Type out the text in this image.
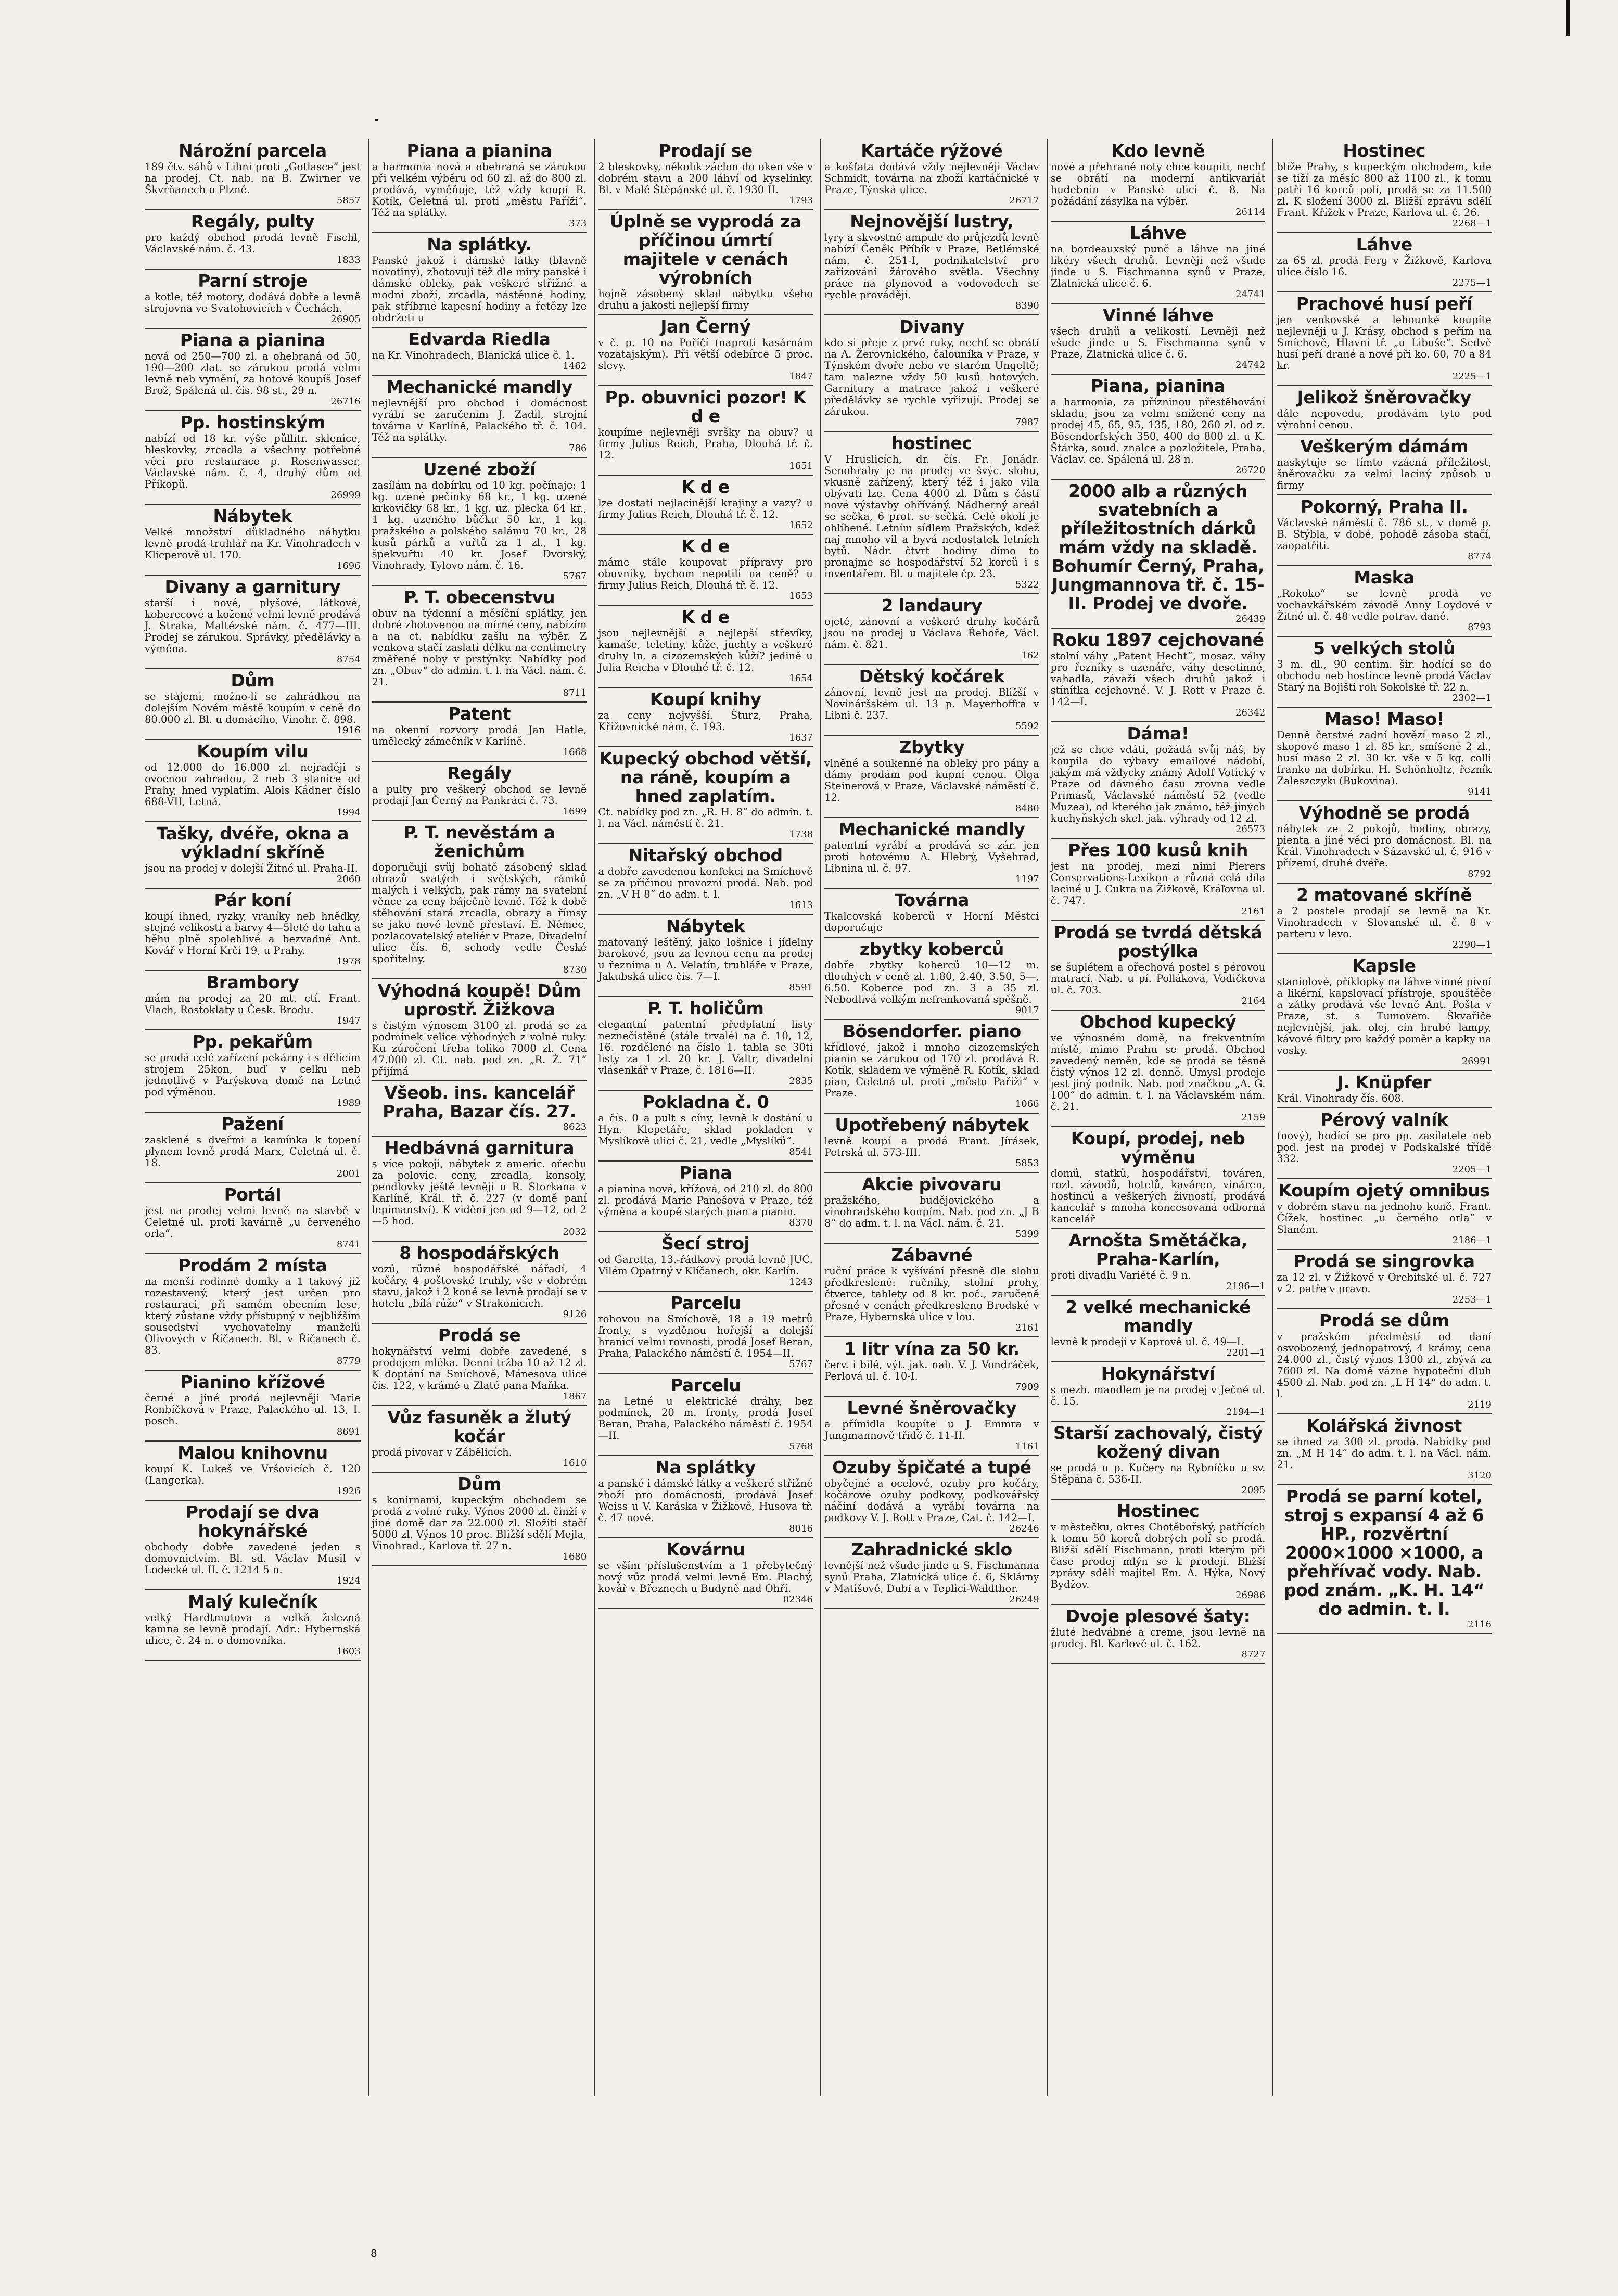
Nárožní parcela

189 čtv. sáhů v Libni proti „Gotlasce“ jest na prodej. Ct. nab. na B. Zwirner ve Škvrňanech u Plzně.

5857
Regály, pulty

pro každý obchod prodá levně Fischl, Václavské nám. č. 43.

1833
Parní stroje

a kotle, též motory, dodává dobře a levně strojovna ve Svatohovicích v Čechách.

26905
Piana a pianina

nová od 250—700 zl. a ohebraná od 50, 190—200 zlat. se zárukou prodá velmi levně neb vymění, za hotové koupíš Josef Brož, Spálená ul. čís. 98 st., 29 n.

26716
Pp. hostinským

nabízí od 18 kr. výše půllitr. sklenice, bleskovky, zrcadla a všechny potřebné věci pro restaurace p. Rosenwasser, Václavské nám. č. 4, druhý dům od Příkopů.

26999
Nábytek

Velké množství důkladného nábytku levně prodá truhlář na Kr. Vinohradech v Klicperově ul. 170.

1696
Divany a garnitury

starší i nové, plyšové, látkové, koberecové a kožené velmi levně prodává J. Straka, Maltézské nám. č. 477—III. Prodej se zárukou. Správky, předělávky a výměna.

8754
Dům

se stájemi, možno-li se zahrádkou na dolejším Novém městě koupím v ceně do 80.000 zl. Bl. u domácího, Vinohr. č. 898.

1916
Koupím vilu

od 12.000 do 16.000 zl. nejraději s ovocnou zahradou, 2 neb 3 stanice od Prahy, hned vyplatím. Alois Kádner číslo 688-VII, Letná.

1994
Tašky, dvéře, okna a výkladní skříně

jsou na prodej v dolejší Žitné ul. Praha-II.

2060
Pár koní

koupí ihned, ryzky, vraníky neb hnědky, stejné velikosti a barvy 4—5leté do tahu a běhu plně spolehlivé a bezvadné Ant. Kovář v Horní Krči 19, u Prahy.

1978
Brambory

mám na prodej za 20 mt. ctí. Frant. Vlach, Rostoklaty u Česk. Brodu.

1947
Pp. pekařům

se prodá celé zařízení pekárny i s dělícím strojem 25kon, buď v celku neb jednotlivě v Parýskova domě na Letné pod výměnou.

1989
Pažení

zasklené s dveřmi a kamínka k topení plynem levně prodá Marx, Celetná ul. č. 18.

2001
Portál

jest na prodej velmi levně na stavbě v Celetné ul. proti kavárně „u červeného orla“.

8741
Prodám 2 místa

na menší rodinné domky a 1 takový již rozestavený, který jest určen pro restauraci, při samém obecním lese, který zůstane vždy přístupný v nejbližším sousedství vychovatelny manželů Olivových v Říčanech. Bl. v Říčanech č. 83.

8779
Pianino křížové

černé a jiné prodá nejlevněji Marie Ronbíčková v Praze, Palackého ul. 13, I. posch.

8691
Malou knihovnu

koupí K. Lukeš ve Vršovicích č. 120 (Langerka).

1926
Prodají se dva hokynářské

obchody dobře zavedené jeden s domovnictvím. Bl. sd. Václav Musil v Lodecké ul. II. č. 1214 5 n.

1924
Malý kulečník

velký Hardtmutova a velká železná kamna se levně prodají. Adr.: Hybernská ulice, č. 24 n. o domovníka.

1603
Piana a pianina

a harmonia nová a obehraná se zárukou při velkém výběru od 60 zl. až do 800 zl. prodává, vyměňuje, též vždy koupí R. Kotík, Celetná ul. proti „městu Paříži“. Též na splátky.

373
Na splátky.

Panské jakož i dámské látky (blavně novotiny), zhotovují též dle míry panské i dámské obleky, pak veškeré střižné a modní zboží, zrcadla, nástěnné hodiny, pak stříbrné kapesní hodiny a řetězy lze obdržeti u

Edvarda Riedla

na Kr. Vinohradech, Blanická ulice č. 1.

1462
Mechanické mandly

nejlevnější pro obchod i domácnost vyrábí se zaručením J. Zadil, strojní továrna v Karlíně, Palackého tř. č. 104. Též na splátky.

786
Uzené zboží

zasílám na dobírku od 10 kg. počínaje: 1 kg. uzené pečínky 68 kr., 1 kg. uzené krkovičky 68 kr., 1 kg. uz. plecka 64 kr., 1 kg. uzeného bůčku 50 kr., 1 kg. pražského a polského salámu 70 kr., 28 kusů párků a vuřtů za 1 zl., 1 kg. špekvuřtu 40 kr. Josef Dvorský, Vinohrady, Tylovo nám. č. 16.

5767
P. T. obecenstvu

obuv na týdenní a měsíční splátky, jen dobré zhotovenou na mírné ceny, nabízím a na ct. nabídku zašlu na výběr. Z venkova stačí zaslati délku na centimetry změřené noby v prstýnky. Nabídky pod zn. „Obuv“ do admin. t. l. na Václ. nám. č. 21.

8711
Patent

na okenní rozvory prodá Jan Hatle, umělecký zámečník v Karlíně.

1668
Regály

a pulty pro veškerý obchod se levně prodají Jan Černý na Pankráci č. 73.

1699
P. T. nevěstám a ženichům

doporučuji svůj bohatě zásobený sklad obrazů svatých i světských, rámků malých i velkých, pak rámy na svatební věnce za ceny báječně levné. Též k době stěhování stará zrcadla, obrazy a římsy se jako nové levně přestaví. E. Němec, pozlacovatelský ateliér v Praze, Divadelní ulice čís. 6, schody vedle České spořitelny.

8730
Výhodná koupě! Dům uprostř. Žižkova

s čistým výnosem 3100 zl. prodá se za podmínek velice výhodných z volné ruky. Ku zúročení třeba toliko 7000 zl. Cena 47.000 zl. Ct. nab. pod zn. „R. Ž. 71“ přijímá

Všeob. ins. kancelář Praha, Bazar čís. 27.
8623
Hedbávná garnitura

s více pokoji, nábytek z americ. ořechu za polovic. ceny, zrcadla, konsoly, pendlovky ještě levněji u R. Storkana v Karlíně, Král. tř. č. 227 (v domě paní lepimanství). K vidění jen od 9—12, od 2—5 hod.

2032
8 hospodářských

vozů, různé hospodářské nářadí, 4 kočáry, 4 poštovské truhly, vše v dobrém stavu, jakož i 2 koně se levně prodají se v hotelu „bílá růže“ v Strakonicích.

9126
Prodá se

hokynářství velmi dobře zavedené, s prodejem mléka. Denní tržba 10 až 12 zl. K doptání na Smíchově, Mánesova ulice čís. 122, v krámě u Zlaté pana Maňka.

1867
Vůz fasuněk a žlutý kočár

prodá pivovar v Zábělicích.

1610
Dům

s konirnami, kupeckým obchodem se prodá z volné ruky. Výnos 2000 zl. činží v jiné domě dar za 22.000 zl. Složiti stačí 5000 zl. Výnos 10 proc. Bližší sdělí Mejla, Vinohrad., Karlova tř. 27 n.

1680
Prodají se

2 bleskovky, několik záclon do oken vše v dobrém stavu a 200 láhví od kyselinky. Bl. v Malé Štěpánské ul. č. 1930 II.

1793
Úplně se vyprodá za příčinou úmrtí majitele v cenách výrobních

hojně zásobený sklad nábytku všeho druhu a jakosti nejlepší firmy

Jan Černý

v č. p. 10 na Poříčí (naproti kasárnám vozatajským). Při větší odebírce 5 proc. slevy.

1847
Pp. obuvnici pozor! K d e

koupíme nejlevněji svršky na obuv? u firmy Julius Reich, Praha, Dlouhá tř. č. 12.

1651
K d e

lze dostati nejlacinější krajiny a vazy? u firmy Julius Reich, Dlouhá tř. č. 12.

1652
K d e

máme stále koupovat přípravy pro obuvníky, bychom nepotili na ceně? u firmy Julius Reich, Dlouhá tř. č. 12.

1653
K d e

jsou nejlevnější a nejlepší střevíky, kamaše, teletiny, kůže, juchty a veškeré druhy ln. a cizozemských kůží? jedině u Julia Reicha v Dlouhé tř. č. 12.

1654
Koupí knihy

za ceny nejvyšší. Šturz, Praha, Křižovnické nám. č. 193.

1637
Kupecký obchod větší, na ráně, koupím a hned zaplatím.

Ct. nabídky pod zn. „R. H. 8“ do admin. t. l. na Václ. náměstí č. 21.

1738
Nitařský obchod

a dobře zavedenou konfekci na Smíchově se za příčinou provozní prodá. Nab. pod zn. „V H 8“ do adm. t. l.

1613
Nábytek

matovaný leštěný, jako lošnice i jídelny barokové, jsou za levnou cenu na prodej u řeznima u A. Velatín, truhláře v Praze, Jakubská ulice čís. 7—I.

8591
P. T. holičům

elegantní patentní předplatní listy neznečistěné (stále trvalé) na č. 10, 12, 16. rozdělené na číslo 1. tabla se 30ti listy za 1 zl. 20 kr. J. Valtr, divadelní vlásenkář v Praze, č. 1816—II.

2835
Pokladna č. 0

a čís. 0 a pult s cíny, levně k dostání u Hyn. Klepetáře, sklad pokladen v Myslíkově ulici č. 21, vedle „Myslíků“.

8541
Piana

a pianina nová, křížová, od 210 zl. do 800 zl. prodává Marie Panešová v Praze, též výměna a koupě starých pian a pianin.

8370
Šecí stroj

od Garetta, 13.-řádkový prodá levně JUC. Vilém Opatrný v Klíčanech, okr. Karlín.

1243
Parcelu

rohovou na Smíchově, 18 a 19 metrů fronty, s vyzděnou hořejší a dolejší hranicí velmi rovnosti, prodá Josef Beran, Praha, Palackého náměstí č. 1954—II.

5767
Parcelu

na Letné u elektrické dráhy, bez podmínek, 20 m. fronty, prodá Josef Beran, Praha, Palackého náměstí č. 1954—II.

5768
Na splátky

a panské i dámské látky a veškeré střižné zboží pro domácnosti, prodává Josef Weiss u V. Karáska v Žižkově, Husova tř. č. 47 nové.

8016
Kovárnu

se vším příslušenstvím a 1 přebytečný nový vůz prodá velmi levně Em. Plachý, kovář v Březnech u Budyně nad Ohří.

02346
Kartáče rýžové

a košťata dodává vždy nejlevněji Václav Schmidt, továrna na zboží kartáčnické v Praze, Týnská ulice.

26717
Nejnovější lustry,

lyry a skvostné ampule do průjezdů levně nabízí Čeněk Příbík v Praze, Betlémské nám. č. 251-I, podnikatelství pro zařizování žárového světla. Všechny práce na plynovod a vodovodech se rychle provádějí.

8390
Divany

kdo si přeje z prvé ruky, nechť se obrátí na A. Žerovnického, čalouníka v Praze, v Týnském dvoře nebo ve starém Ungeltě; tam nalezne vždy 50 kusů hotových. Garnitury a matrace jakož i veškeré předělávky se rychle vyřizují. Prodej se zárukou.

7987
hostinec

V Hruslicích, dr. čís. Fr. Jonádr. Senohraby je na prodej ve švýc. slohu, vkusně zařízený, který též i jako vila obývati lze. Cena 4000 zl. Dům s částí nové výstavby ohříváný. Nádherný areál se sečka, 6 prot. se sečká. Celé okolí je oblíbené. Letním sídlem Pražských, kdež naj mnoho vil a byvá nedostatek letních bytů. Nádr. čtvrt hodiny dímo to pronajme se hospodářství 52 korců i s inventářem. Bl. u majitele čp. 23.

5322
2 landaury

ojeté, zánovní a veškeré druhy kočárů jsou na prodej u Václava Řehoře, Václ. nám. č. 821.

162
Dětský kočárek

zánovní, levně jest na prodej. Bližší v Novináršském ul. 13 p. Mayerhoffra v Libni č. 237.

5592
Zbytky

vlněné a soukenné na obleky pro pány a dámy prodám pod kupní cenou. Olga Steinerová v Praze, Václavské náměstí č. 12.

8480
Mechanické mandly

patentní vyrábí a prodává se zár. jen proti hotovému A. Hlebrý, Vyšehrad, Libnina ul. č. 97.

1197
Továrna

Tkalcovská koberců v Horní Městci doporučuje

zbytky koberců

dobře zbytky koberců 10—12 m. dlouhých v ceně zl. 1.80, 2.40, 3.50, 5—, 6.50. Koberce pod zn. 3 a 35 zl. Nebodlivá velkým nefrankovaná spěšně.

9017
Bösendorfer. piano

křídlové, jakož i mnoho cizozemských pianin se zárukou od 170 zl. prodává R. Kotík, skladem ve výměně R. Kotík, sklad pian, Celetná ul. proti „městu Paříži“ v Praze.

1066
Upotřebený nábytek

levně koupí a prodá Frant. Jírásek, Petrská ul. 573-III.

5853
Akcie pivovaru

pražského, budějovického a vinohradského koupím. Nab. pod zn. „J B 8“ do adm. t. l. na Václ. nám. č. 21.

5399
Zábavné

ruční práce k vyšívání přesně dle slohu předkreslené: ručníky, stolní prohy, čtverce, tablety od 8 kr. poč., zaručeně přesné v cenách předkresleno Brodské v Praze, Hybernská ulice v lou.

2161
1 litr vína za 50 kr.

červ. i bílé, výt. jak. nab. V. J. Vondráček, Perlová ul. č. 10-I.

7909
Levné šněrovačky

a přímidla koupíte u J. Emmra v Jungmannově třídě č. 11-II.

1161
Ozuby špičaté a tupé

obyčejné a ocelové, ozuby pro kočáry, kočárové ozuby podkovy, podkovářský náčiní dodává a vyrábí továrna na podkovy V. J. Rott v Praze, Cat. č. 142—I.

26246
Zahradnické sklo

levnější než všude jinde u S. Fischmanna synů Praha, Zlatnická ulice č. 6, Sklárny v Matišově, Dubí a v Teplici-Waldthor.

26249
Kdo levně

nové a přehrané noty chce koupiti, nechť se obrátí na moderní antikvariát hudebnin v Panské ulici č. 8. Na požádání zásylka na výběr.

26114
Láhve

na bordeauxský punč a láhve na jiné likéry všech druhů. Levněji než všude jinde u S. Fischmanna synů v Praze, Zlatnická ulice č. 6.

24741
Vinné láhve

všech druhů a velikostí. Levněji než všude jinde u S. Fischmanna synů v Praze, Zlatnická ulice č. 6.

24742
Piana, pianina

a harmonia, za přízninou přestěhování skladu, jsou za velmi snížené ceny na prodej 45, 65, 95, 135, 180, 260 zl. od z. Bösendorfských 350, 400 do 800 zl. u K. Štárka, soud. znalce a pozložitele, Praha, Václav. ce. Spálená ul. 28 n.

26720
2000 alb a různých svatebních a příležitostních dárků mám vždy na skladě. Bohumír Černý, Praha, Jungmannova tř. č. 15-II. Prodej ve dvoře.
26439
Roku 1897 cejchované

stolní váhy „Patent Hecht“, mosaz. váhy pro řezníky s uzenáře, váhy desetinné, vahadla, závaží všech druhů jakož i stínítka cejchovné. V. J. Rott v Praze č. 142—I.

26342
Dáma!

jež se chce vdáti, požádá svůj náš, by koupila do výbavy emailové nádobí, jakým má vždycky známý Adolf Votický v Praze od dávného času zrovna vedle Primasů, Václavské náměstí 52 (vedle Muzea), od kterého jak známo, též jiných kuchyňských skel. jak. výhrady od 12 zl.

26573
Přes 100 kusů knih

jest na prodej, mezi nimi Pierers Conservations-Lexikon a různá celá díla laciné u J. Cukra na Žižkově, Kráľovna ul. č. 747.

2161
Prodá se tvrdá dětská postýlka

se šuplétem a ořechová postel s pérovou matrací. Nab. u pí. Polláková, Vodičkova ul. č. 703.

2164
Obchod kupecký

ve výnosném domě, na frekventním místě, mimo Prahu se prodá. Obchod zavedený neměn, kde se prodá se těsně čistý výnos 12 zl. denně. Úmysl prodeje jest jiný podnik. Nab. pod značkou „A. G. 100“ do admin. t. l. na Václavském nám. č. 21.

2159
Koupí, prodej, neb výměnu

domů, statků, hospodářství, továren, rozl. závodů, hotelů, kaváren, vináren, hostinců a veškerých živností, prodává kancelář s mnoha koncesovaná odborná kancelář

Arnošta Smětáčka, Praha-Karlín,

proti divadlu Variété č. 9 n.

2196—1
2 velké mechanické mandly

levně k prodeji v Kaprově ul. č. 49—I.

2201—1
Hokynářství

s mezh. mandlem je na prodej v Ječné ul. č. 15.

2194—1
Starší zachovalý, čistý kožený divan

se prodá u p. Kučery na Rybníčku u sv. Štěpána č. 536-II.

2095
Hostinec

v městečku, okres Chotěbořský, patřících k tomu 50 korců dobrých polí se prodá. Bližší sdělí Fischmann, proti kterým při čase prodej mlýn se k prodeji. Bližší zprávy sdělí majitel Em. A. Hýka, Nový Bydžov.

26986
Dvoje plesové šaty:

žluté hedvábné a creme, jsou levně na prodej. Bl. Karlově ul. č. 162.

8727
Hostinec

blíže Prahy, s kupeckým obchodem, kde se tiží za měsíc 800 až 1100 zl., k tomu patří 16 korců polí, prodá se za 11.500 zl. K složení 3000 zl. Bližší zprávu sdělí Frant. Křížek v Praze, Karlova ul. č. 26.

2268—1
Láhve

za 65 zl. prodá Ferg v Žižkově, Karlova ulice číslo 16.

2275—1
Prachové husí peří

jen venkovské a lehounké koupíte nejlevněji u J. Krásy, obchod s peřím na Smíchově, Hlavní tř. „u Libuše“. Sedvě husí peří drané a nové při ko. 60, 70 a 84 kr.

2225—1
Jelikož šněrovačky

dále nepovedu, prodávám tyto pod výrobní cenou.

Veškerým dámám

naskytuje se tímto vzácná příležitost, šněrovačku za velmi laciný způsob u firmy

Pokorný, Praha II.

Václavské náměstí č. 786 st., v domě p. B. Stýbla, v dobé, pohodě zásoba stačí, zaopatřiti.

8774
Maska

„Rokoko“ se levně prodá ve vochavkářském závodě Anny Loydové v Žitné ul. č. 48 vedle potrav. dané.

8793
5 velkých stolů

3 m. dl., 90 centim. šir. hodící se do obchodu neb hostince levně prodá Václav Starý na Bojišti roh Sokolské tř. 22 n.

2302—1
Maso! Maso!

Denně čerstvé zadní hovězí maso 2 zl., skopové maso 1 zl. 85 kr., smíšené 2 zl., husí maso 2 zl. 30 kr. vše v 5 kg. colli franko na dobírku. H. Schönholtz, řezník Zaleszczyki (Bukovina).

9141
Výhodně se prodá

nábytek ze 2 pokojů, hodiny, obrazy, pienta a jiné věci pro domácnost. Bl. na Král. Vinohradech v Sázavské ul. č. 916 v přízemí, druhé dvéře.

8792
2 matované skříně

a 2 postele prodají se levně na Kr. Vinohradech v Slovanské ul. č. 8 v parteru v levo.

2290—1
Kapsle

staniolové, příklopky na láhve vinné pivní a likérní, kapslovací přístroje, spouštěče a zátky prodává vše levně Ant. Pošta v Praze, st. s Tumovem. Škvařiče nejlevnější, jak. olej, cín hrubé lampy, kávové filtry pro každý poměr a kapky na vosky.

26991
J. Knüpfer

Král. Vinohrady čís. 608.

Pérový valník

(nový), hodící se pro pp. zasílatele neb pod. jest na prodej v Podskalské třídě 332.

2205—1
Koupím ojetý omnibus

v dobrém stavu na jednoho koně. Frant. Čížek, hostinec „u černého orla“ v Slaném.

2186—1
Prodá se singrovka

za 12 zl. v Žižkově v Orebitské ul. č. 727 v 2. patře v pravo.

2253—1
Prodá se dům

v pražském předměstí od daní osvobozený, jednopatrový, 4 krámy, cena 24.000 zl., čistý výnos 1300 zl., zbývá za 7600 zl. Na domě vázne hypoteční dluh 4500 zl. Nab. pod zn. „L H 14“ do adm. t. l.

2119
Kolářská živnost

se ihned za 300 zl. prodá. Nabídky pod zn. „M H 14“ do adm. t. l. na Václ. nám. 21.

3120
Prodá se parní kotel, stroj s expansí 4 až 6 HP., rozvěrtní 2000×1000 ×1000, a přehřívač vody. Nab. pod znám. „K. H. 14“ do admin. t. l.
2116
8
